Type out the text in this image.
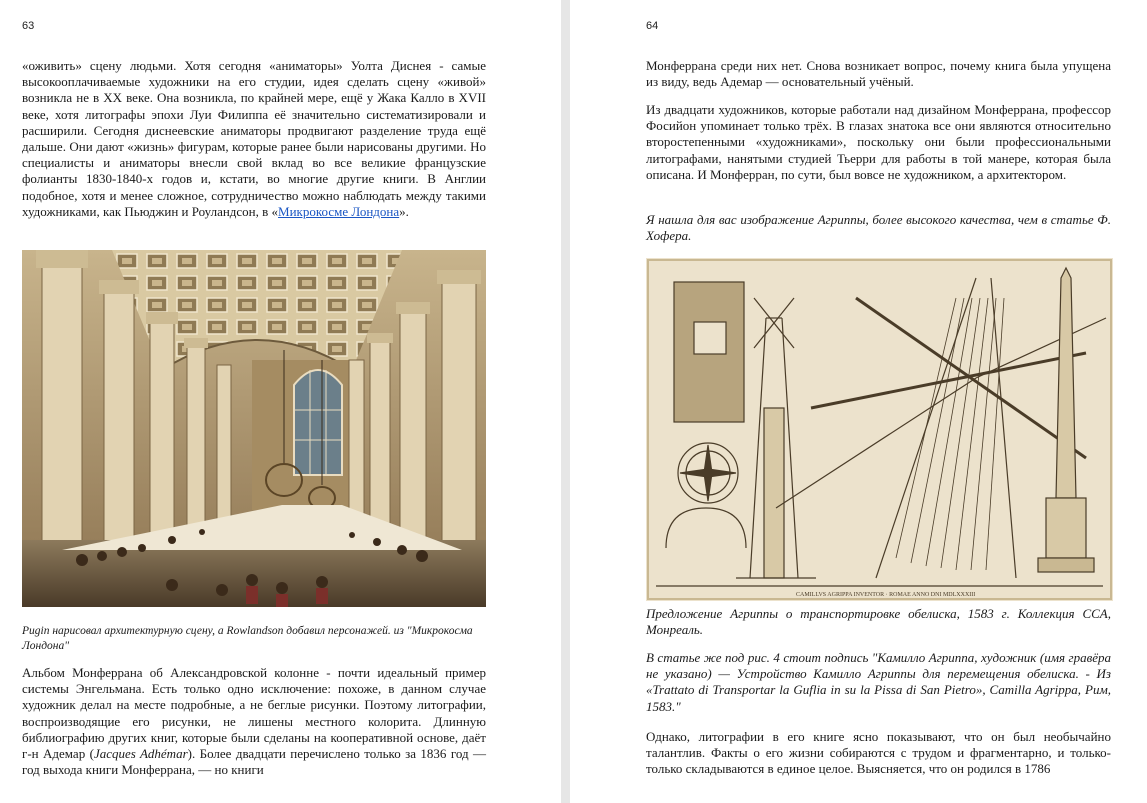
63

«оживить» сцену людьми. Хотя сегодня «аниматоры» Уолта Диснея - самые высокооплачиваемые художники на его студии, идея сделать сцену «живой» возникла не в XX веке. Она возникла, по крайней мере, ещё у Жака Калло в XVII веке, хотя литографы эпохи Луи Филиппа её значительно систематизировали и расширили. Сегодня диснеевские аниматоры продвигают разделение труда ещё дальше. Они дают «жизнь» фигурам, которые ранее были нарисованы другими. Но специалисты и аниматоры внесли свой вклад во все великие французские фолианты 1830-1840-х годов и, кстати, во многие другие книги. В Англии подобное, хотя и менее сложное, сотрудничество можно наблюдать между такими художниками, как Пьюджин и Роуландсон, в «Микрокосме Лондона».

Pugin нарисовал архитектурную сцену, а Rowlandson добавил персонажей. из "Микрокосма Лондона"

Альбом Монферрана об Александровской колонне - почти идеальный пример системы Энгельмана. Есть только одно исключение: похоже, в данном случае художник делал на месте подробные, а не беглые рисунки. Поэтому литографии, воспроизводящие его рисунки, не лишены местного колорита. Длинную библиографию других книг, которые были сделаны на кооперативной основе, даёт г-н Адемар (Jacques Adhémar). Более двадцати перечислено только за 1836 год — год выхода книги Монферрана, — но книги

64

Монферрана среди них нет. Снова возникает вопрос, почему книга была упущена из виду, ведь Адемар — основательный учёный.

Из двадцати художников, которые работали над дизайном Монферрана, профессор Фосийон упоминает только трёх. В глазах знатока все они являются относительно второстепенными «художниками», поскольку они были профессиональными литографами, нанятыми студией Тьерри для работы в той манере, которая была описана. И Монферран, по сути, был вовсе не художником, а архитектором.

Я нашла для вас изображение Агриппы, более высокого качества, чем в статье Ф. Хофера.

CAMILLVS AGRIPPA INVENTOR · ROMAE ANNO DNI MDLXXXIII

Предложение Агриппы о транспортировке обелиска, 1583 г. Коллекция CCA, Монреаль.

В статье же под рис. 4 стоит подпись "Камилло Агриппа, художник (имя гравёра не указано) — Устройство Камилло Агриппы для перемещения обелиска. - Из «Trattato di Transportar la Guflia in su la Pissa di San Pietro», Camilla Agrippa, Рим, 1583."

Однако, литографии в его книге ясно показывают, что он был необычайно талантлив. Факты о его жизни собираются с трудом и фрагментарно, и только-только складываются в единое целое. Выясняется, что он родился в 1786
